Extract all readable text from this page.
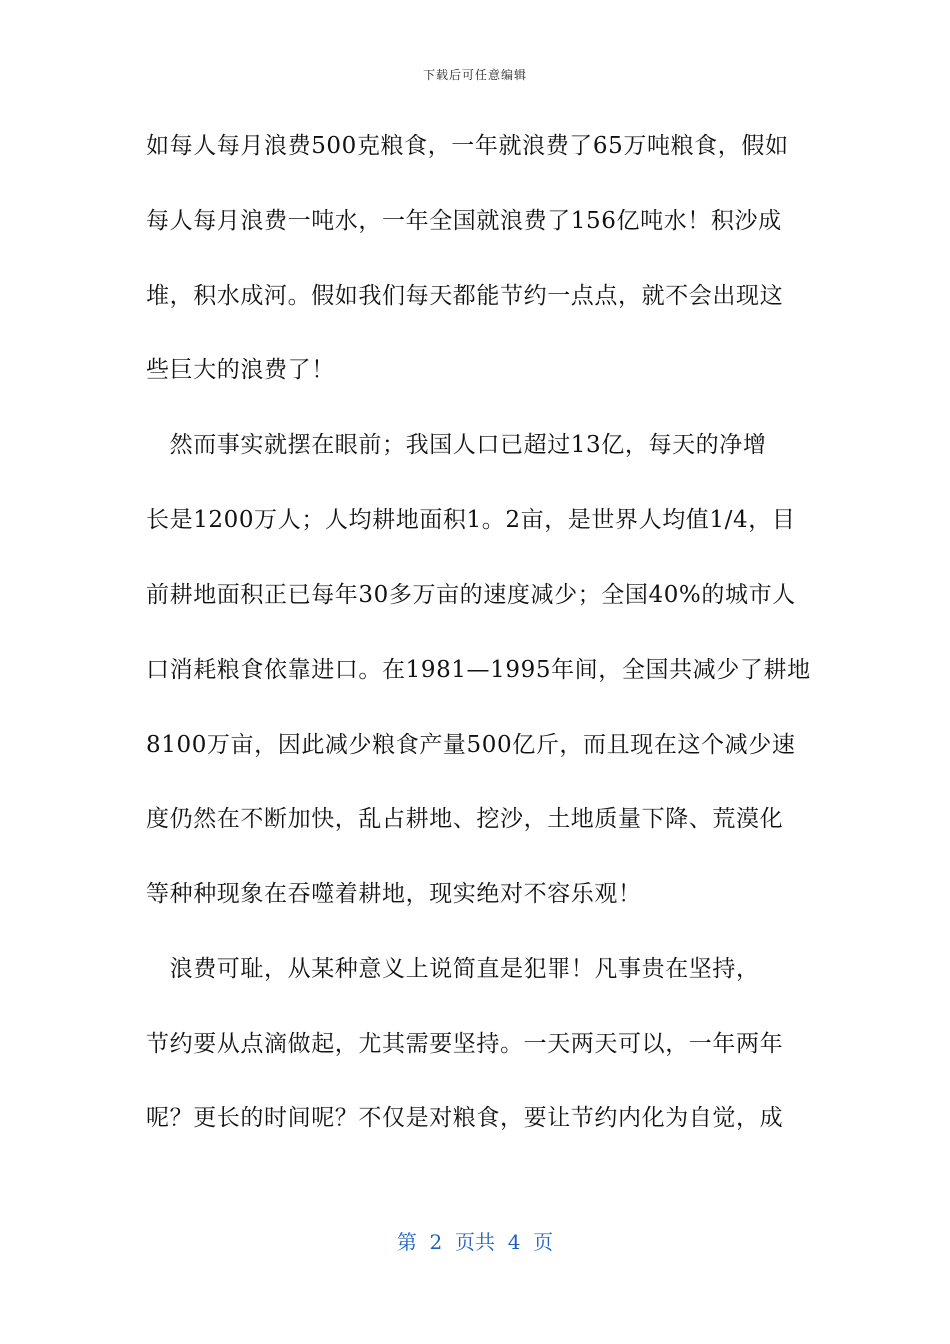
下载后可任意编辑
如每人每月浪费500克粮食，一年就浪费了65万吨粮食，假如
每人每月浪费一吨水，一年全国就浪费了156亿吨水！积沙成
堆，积水成河。假如我们每天都能节约一点点，就不会出现这
些巨大的浪费了！
　然而事实就摆在眼前；我国人口已超过13亿，每天的净增
长是1200万人；人均耕地面积1。2亩，是世界人均值1/4，目
前耕地面积正已每年30多万亩的速度减少；全国40%的城市人
口消耗粮食依靠进口。在1981—1995年间，全国共减少了耕地
8100万亩，因此减少粮食产量500亿斤，而且现在这个减少速
度仍然在不断加快，乱占耕地、挖沙，土地质量下降、荒漠化
等种种现象在吞噬着耕地，现实绝对不容乐观！
　浪费可耻，从某种意义上说简直是犯罪！凡事贵在坚持，
节约要从点滴做起，尤其需要坚持。一天两天可以，一年两年
呢？更长的时间呢？不仅是对粮食，要让节约内化为自觉，成
第  2  页共  4  页
